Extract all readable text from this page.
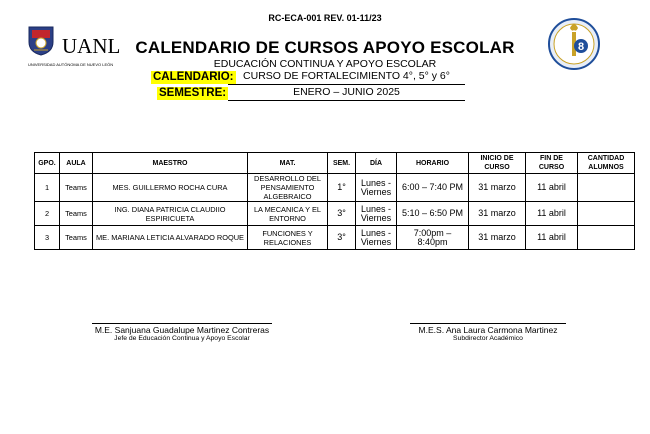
RC-ECA-001 REV. 01-11/23
UANL
UNIVERSIDAD AUTÓNOMA DE NUEVO LEÓN
CALENDARIO DE CURSOS APOYO ESCOLAR
EDUCACIÓN CONTINUA Y APOYO ESCOLAR
CALENDARIO: CURSO DE FORTALECIMIENTO 4°, 5° y 6°
SEMESTRE:	ENERO – JUNIO 2025
8
GPO.	AULA	MAESTRO	MAT.	SEM.	DÍA	HORARIO	INICIO DE CURSO	FIN DE CURSO	CANTIDAD ALUMNOS
1	Teams	MES. GUILLERMO ROCHA CURA	DESARROLLO DEL PENSAMIENTO ALGEBRAICO	1°	Lunes - Viernes	6:00 – 7:40 PM	31 marzo	11 abril	
2	Teams	ING. DIANA PATRICIA CLAUDIIO ESPIRICUETA	LA MECANICA Y EL ENTORNO	3°	Lunes - Viernes	5:10 – 6:50 PM	31 marzo	11 abril	
3	Teams	ME. MARIANA LETICIA ALVARADO ROQUE	FUNCIONES Y RELACIONES	3°	Lunes - Viernes	7:00pm – 8:40pm	31 marzo	11 abril	
M.E. Sanjuana Guadalupe Martinez Contreras
Jefe de Educación Continua y Apoyo Escolar
M.E.S. Ana Laura Carmona Martinez
Subdirector Académico
